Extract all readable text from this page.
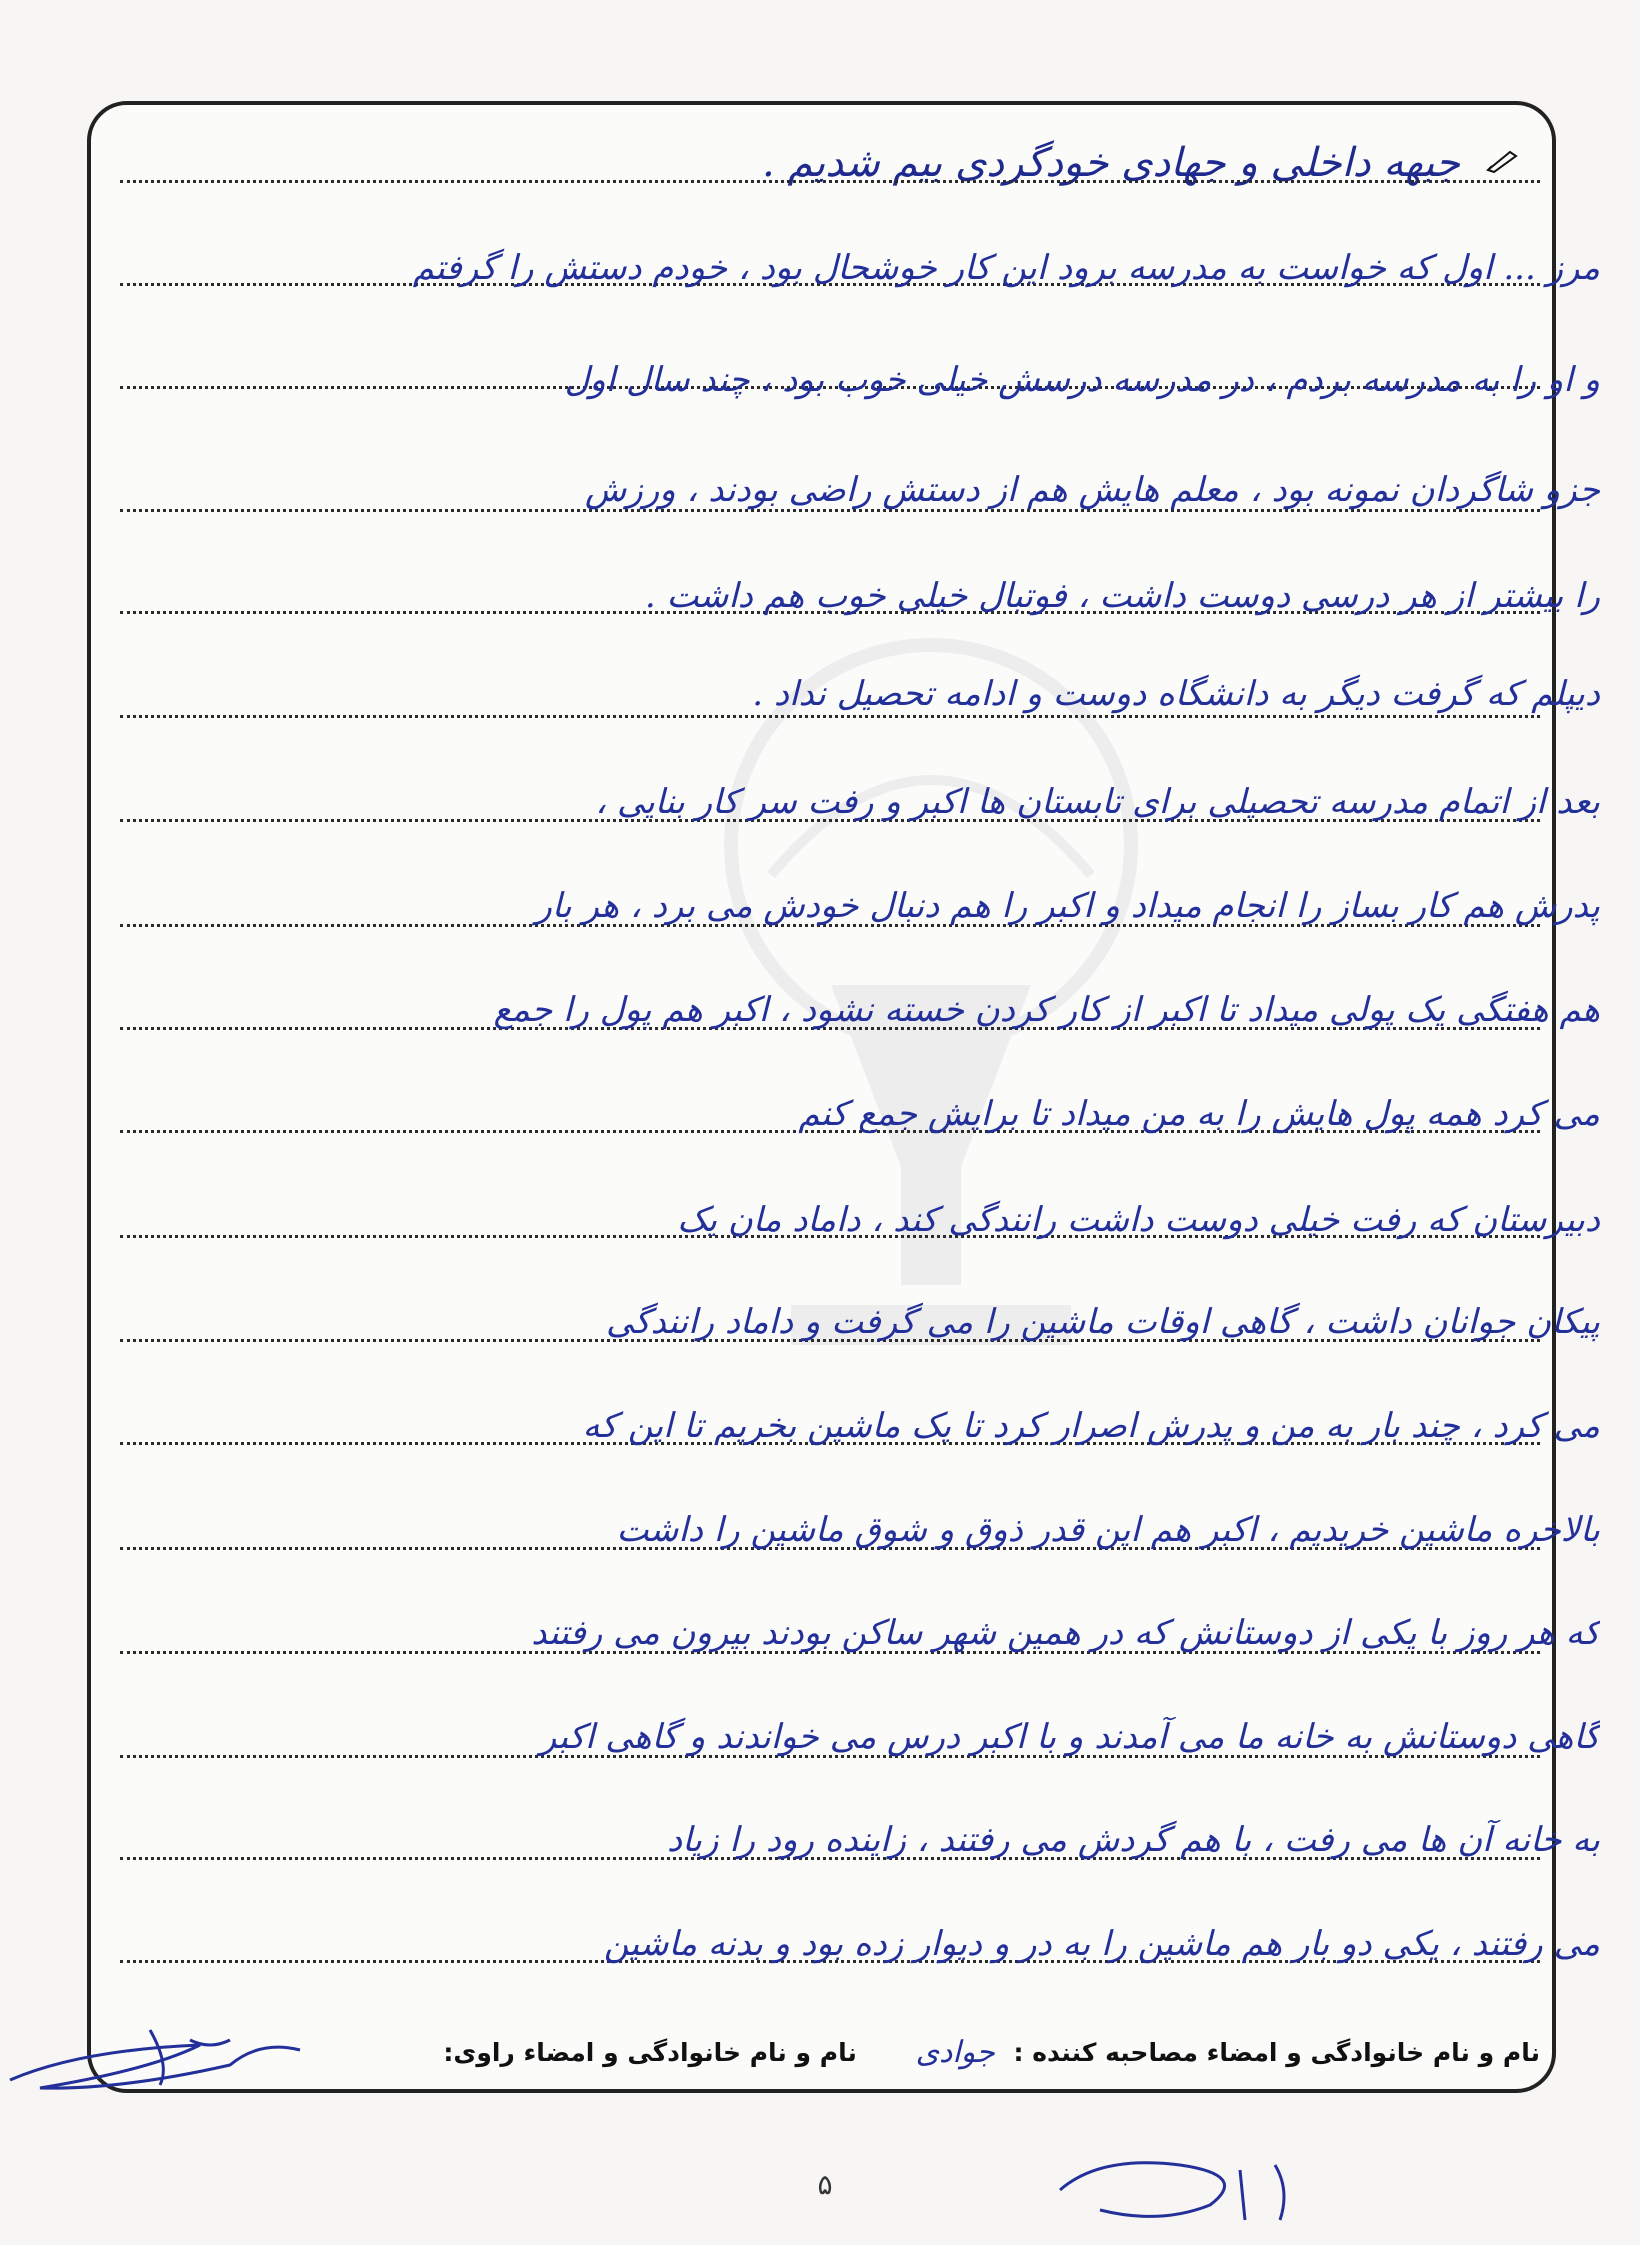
جبهه داخلی و جهادی خودگردی بیم شدیم .
مرز ... اول که خواست به مدرسه برود این کار خوشحال بود ، خودم دستش را گرفتم
و او را به مدرسه بردم ، در مدرسه درسش خیلی خوب بود ، چند سال اول
جزو شاگردان نمونه بود ، معلم هایش هم از دستش راضی بودند ، ورزش
را بیشتر از هر درسی دوست داشت ، فوتبال خیلی خوب هم داشت .
دیپلم که گرفت دیگر به دانشگاه دوست و ادامه تحصیل نداد .
بعد از اتمام مدرسه تحصیلی برای تابستان ها اکبر و رفت سر کار بنایی ،
پدرش هم کار بساز را انجام میداد و اکبر را هم دنبال خودش می برد ، هر بار
هم هفتگی یک پولی میداد تا اکبر از کار کردن خسته نشود ، اکبر هم پول را جمع
می کرد همه پول هایش را به من میداد تا برایش جمع کنم
دبیرستان که رفت خیلی دوست داشت رانندگی کند ، داماد مان یک
پیکان جوانان داشت ، گاهی اوقات ماشین را می گرفت و داماد رانندگی
می کرد ، چند بار به من و پدرش اصرار کرد تا یک ماشین بخریم تا این که
بالاخره ماشین خریدیم ، اکبر هم این قدر ذوق و شوق ماشین را داشت
که هر روز با یکی از دوستانش که در همین شهر ساکن بودند بیرون می رفتند
گاهی دوستانش به خانه ما می آمدند و با اکبر درس می خواندند و گاهی اکبر
به خانه آن ها می رفت ، با هم گردش می رفتند ، زاینده رود را زیاد
می رفتند ، یکی دو بار هم ماشین را به در و دیوار زده بود و بدنه ماشین
نام و نام خانوادگی و امضاء مصاحبه کننده : جوادی نام و نام خانوادگی و امضاء راوی:
۵
